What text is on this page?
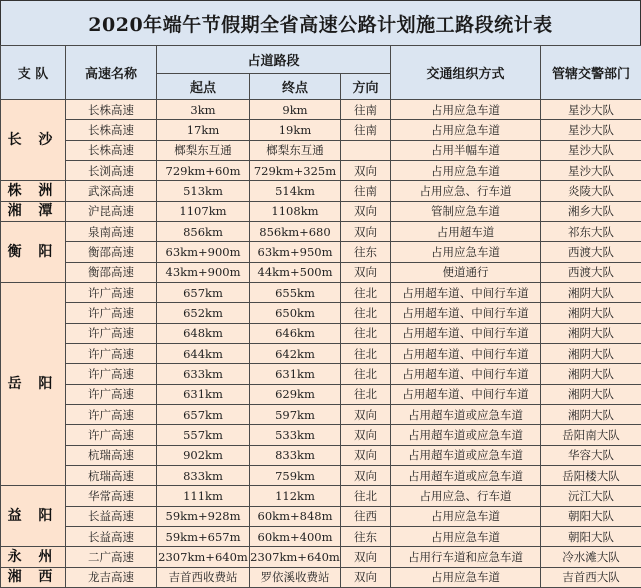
2020年端午节假期全省高速公路计划施工路段统计表
支 队	高速名称	占道路段			交通组织方式	管辖交警部门
		起点	终点	方向		
长 沙	长株高速	3km	9km	往南	占用应急车道	星沙大队
	长株高速	17km	19km	往南	占用应急车道	星沙大队
	长株高速	榔梨东互通	榔梨东互通		占用半幅车道	星沙大队
	长浏高速	729km+60m	729km+325m	双向	占用应急车道	星沙大队
株 洲	武深高速	513km	514km	往南	占用应急、行车道	炎陵大队
湘 潭	沪昆高速	1107km	1108km	双向	管制应急车道	湘乡大队
衡 阳	泉南高速	856km	856km+680	双向	占用超车道	祁东大队
	衡邵高速	63km+900m	63km+950m	往东	占用应急车道	西渡大队
	衡邵高速	43km+900m	44km+500m	双向	便道通行	西渡大队
岳 阳	许广高速	657km	655km	往北	占用超车道、中间行车道	湘阴大队
	许广高速	652km	650km	往北	占用超车道、中间行车道	湘阴大队
	许广高速	648km	646km	往北	占用超车道、中间行车道	湘阴大队
	许广高速	644km	642km	往北	占用超车道、中间行车道	湘阴大队
	许广高速	633km	631km	往北	占用超车道、中间行车道	湘阴大队
	许广高速	631km	629km	往北	占用超车道、中间行车道	湘阴大队
	许广高速	657km	597km	双向	占用超车道或应急车道	湘阴大队
	许广高速	557km	533km	双向	占用超车道或应急车道	岳阳南大队
	杭瑞高速	902km	833km	双向	占用超车道或应急车道	华容大队
	杭瑞高速	833km	759km	双向	占用超车道或应急车道	岳阳楼大队
益 阳	华常高速	111km	112km	往北	占用应急、行车道	沅江大队
	长益高速	59km+928m	60km+848m	往西	占用应急车道	朝阳大队
	长益高速	59km+657m	60km+400m	往东	占用应急车道	朝阳大队
永 州	二广高速	2307km+640m	2307km+640m	双向	占用行车道和应急车道	冷水滩大队
湘 西	龙吉高速	吉首西收费站	罗依溪收费站	双向	占用应急车道	吉首西大队
